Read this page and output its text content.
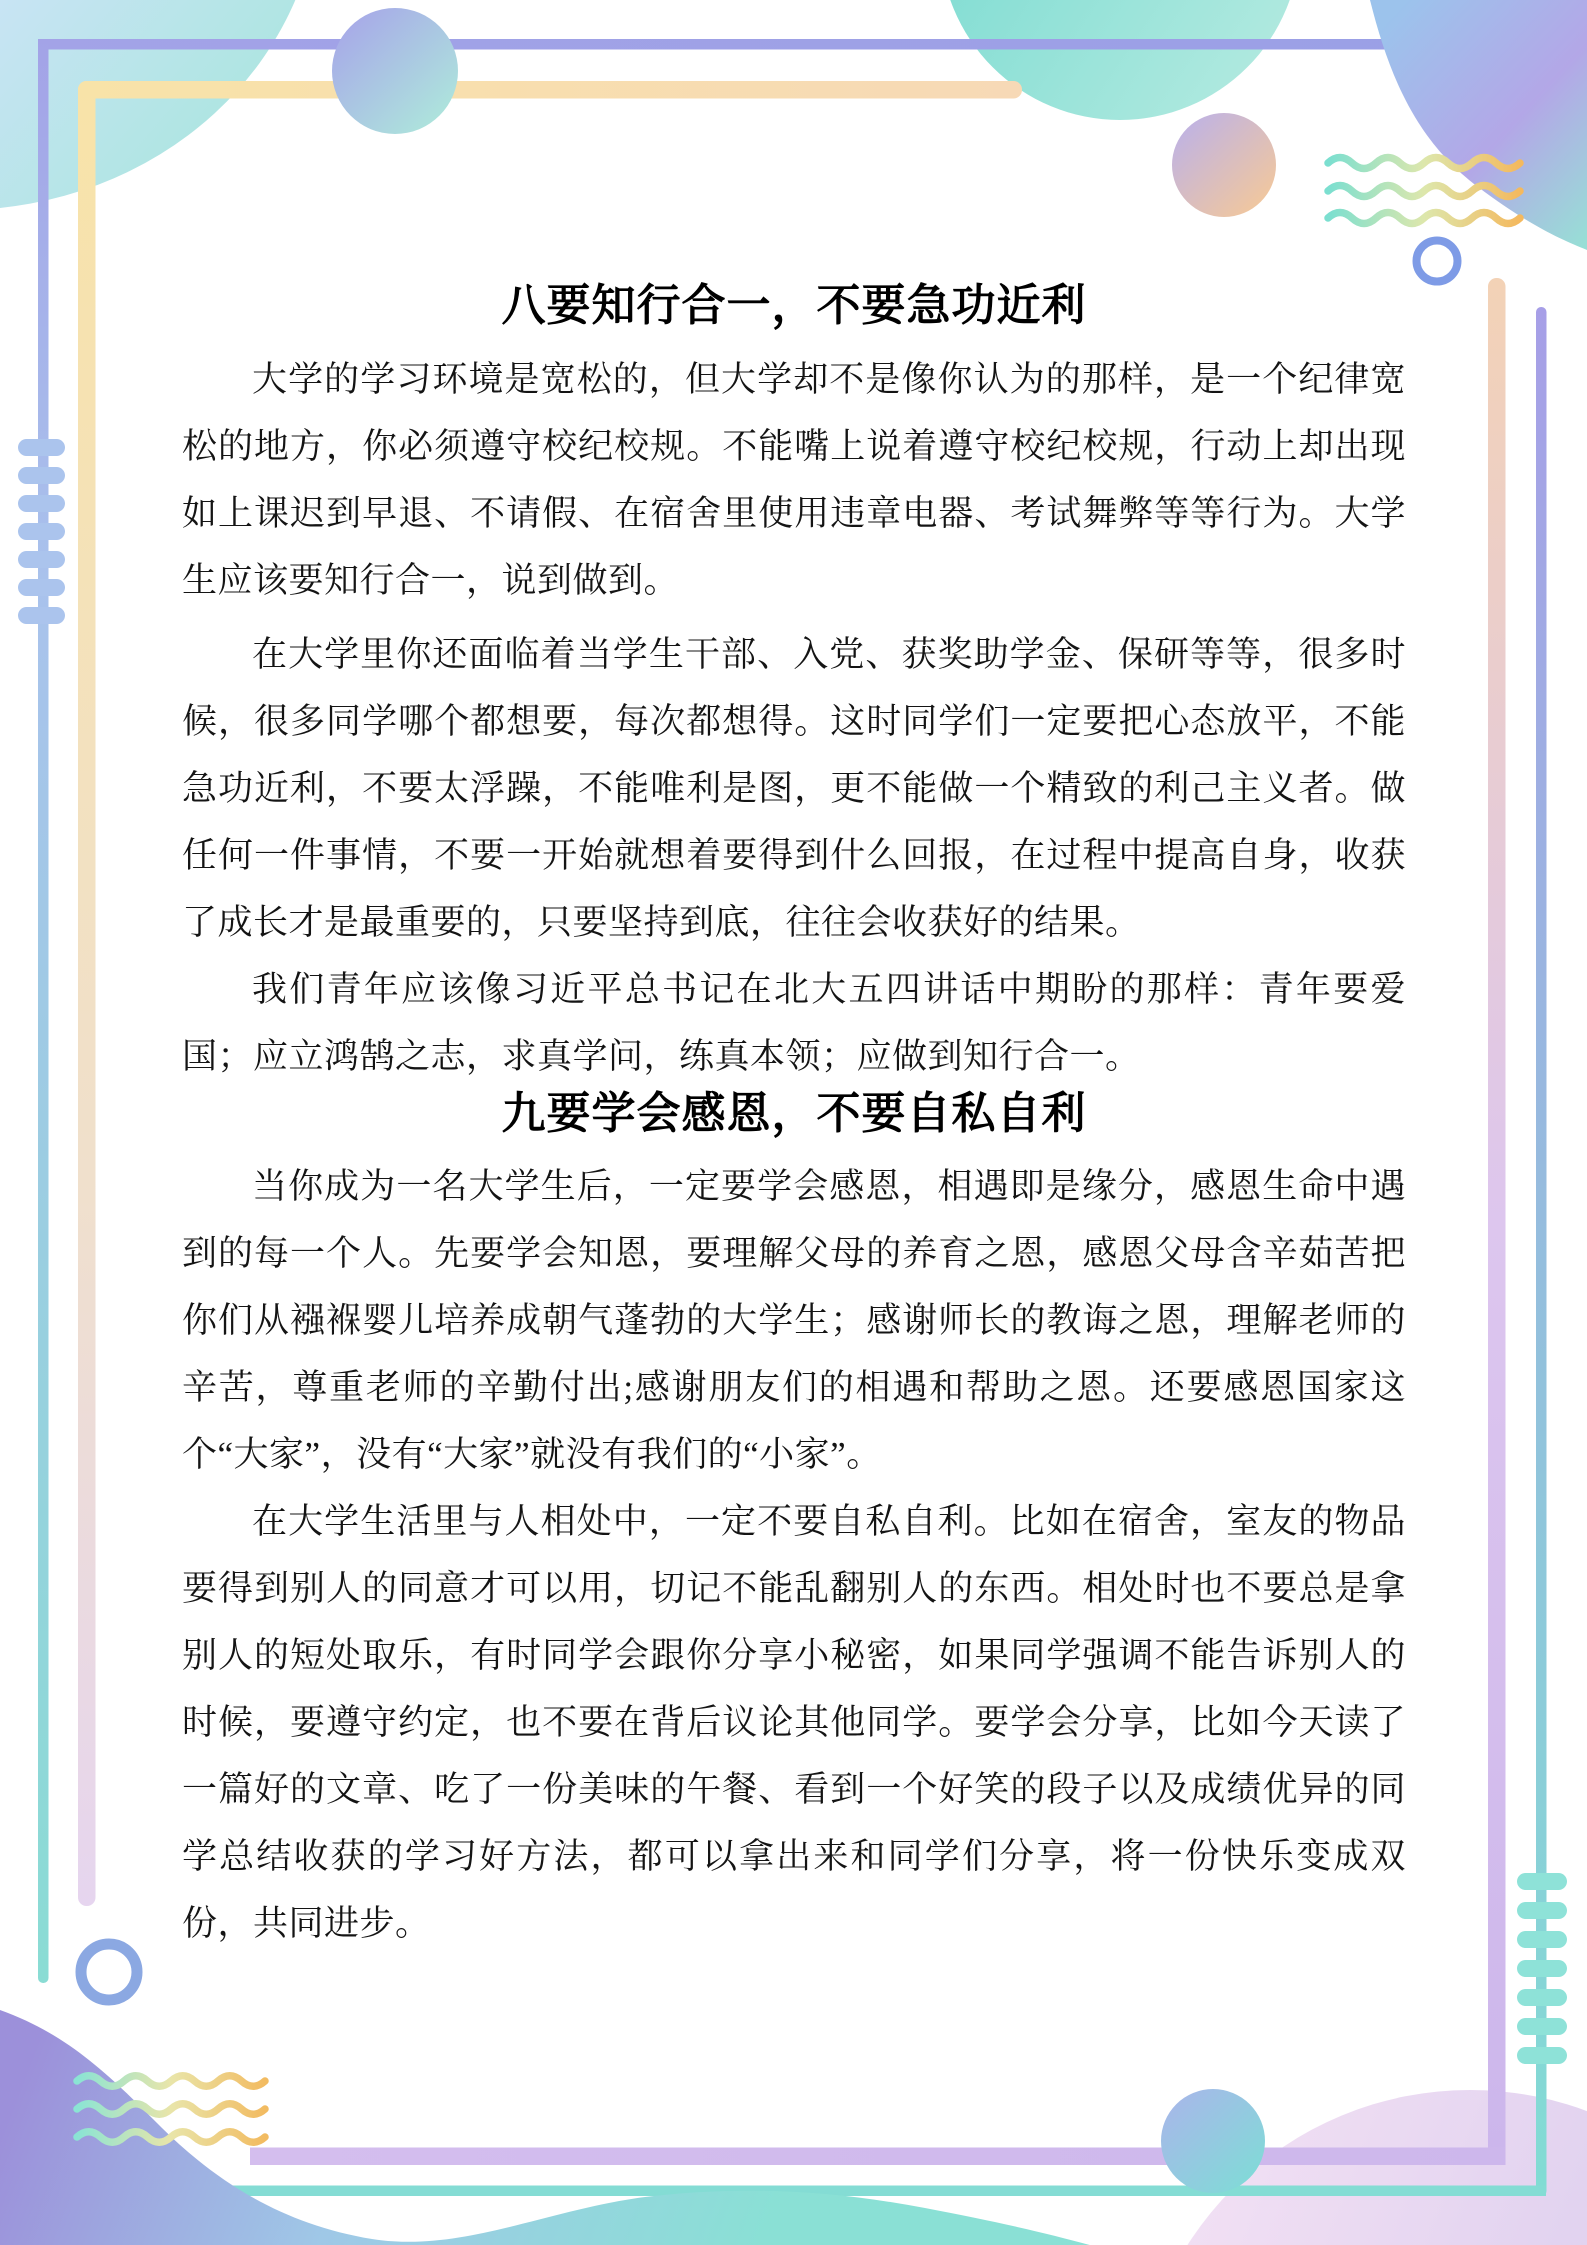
八要知行合一，不要急功近利

大学的学习环境是宽松的，但大学却不是像你认为的那样，是一个纪律宽松的地方，你必须遵守校纪校规。不能嘴上说着遵守校纪校规，行动上却出现如上课迟到早退、不请假、在宿舍里使用违章电器、考试舞弊等等行为。大学生应该要知行合一，说到做到。

在大学里你还面临着当学生干部、入党、获奖助学金、保研等等，很多时候，很多同学哪个都想要，每次都想得。这时同学们一定要把心态放平，不能急功近利，不要太浮躁，不能唯利是图，更不能做一个精致的利己主义者。做任何一件事情，不要一开始就想着要得到什么回报，在过程中提高自身，收获了成长才是最重要的，只要坚持到底，往往会收获好的结果。

我们青年应该像习近平总书记在北大五四讲话中期盼的那样：青年要爱国；应立鸿鹄之志，求真学问，练真本领；应做到知行合一。

九要学会感恩，不要自私自利

当你成为一名大学生后，一定要学会感恩，相遇即是缘分，感恩生命中遇到的每一个人。先要学会知恩，要理解父母的养育之恩，感恩父母含辛茹苦把你们从襁褓婴儿培养成朝气蓬勃的大学生；感谢师长的教诲之恩，理解老师的辛苦，尊重老师的辛勤付出;感谢朋友们的相遇和帮助之恩。还要感恩国家这个“大家”，没有“大家”就没有我们的“小家”。

在大学生活里与人相处中，一定不要自私自利。比如在宿舍，室友的物品要得到别人的同意才可以用，切记不能乱翻别人的东西。相处时也不要总是拿别人的短处取乐，有时同学会跟你分享小秘密，如果同学强调不能告诉别人的时候，要遵守约定，也不要在背后议论其他同学。要学会分享，比如今天读了一篇好的文章、吃了一份美味的午餐、看到一个好笑的段子以及成绩优异的同学总结收获的学习好方法，都可以拿出来和同学们分享，将一份快乐变成双份，共同进步。
